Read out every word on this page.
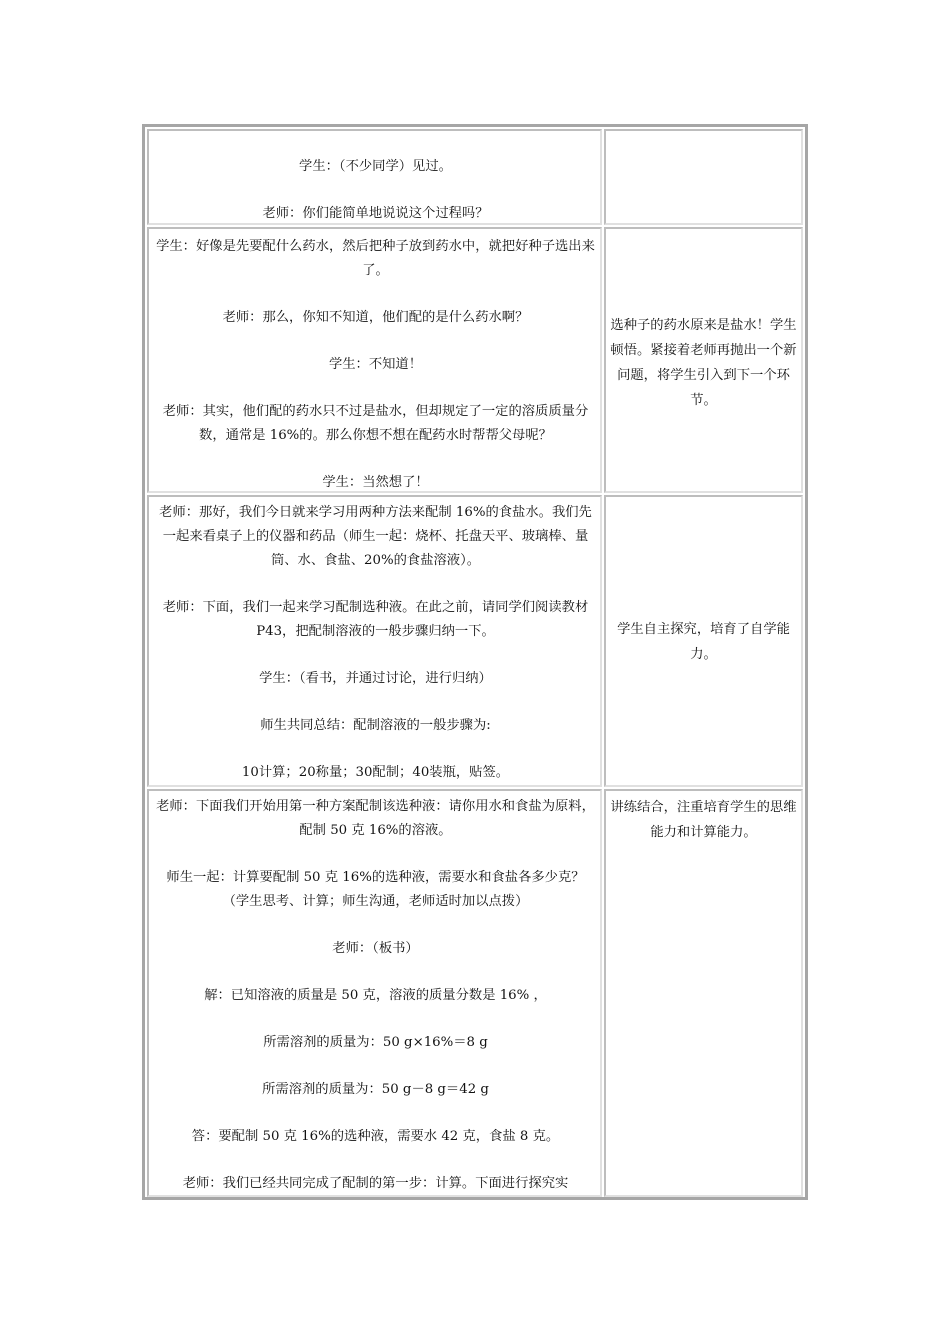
学生：（不少同学）见过。

老师：你们能简单地说说这个过程吗？

学生：好像是先要配什么药水，然后把种子放到药水中，就把好种子选出来了。

老师：那么，你知不知道，他们配的是什么药水啊？

学生：不知道！

老师：其实，他们配的药水只不过是盐水，但却规定了一定的溶质质量分数，通常是 16%的。那么你想不想在配药水时帮帮父母呢？

学生：当然想了！

选种子的药水原来是盐水！学生顿悟。紧接着老师再抛出一个新问题，将学生引入到下一个环节。

老师：那好，我们今日就来学习用两种方法来配制 16%的食盐水。我们先一起来看桌子上的仪器和药品（师生一起：烧杯、托盘天平、玻璃棒、量筒、水、食盐、20%的食盐溶液）。

老师：下面，我们一起来学习配制选种液。在此之前，请同学们阅读教材 P43，把配制溶液的一般步骤归纳一下。

学生：（看书，并通过讨论，进行归纳）

师生共同总结：配制溶液的一般步骤为:

10计算；20称量；30配制；40装瓶，贴签。

学生自主探究，培育了自学能力。

老师：下面我们开始用第一种方案配制该选种液：请你用水和食盐为原料，配制 50 克 16%的溶液。

师生一起：计算要配制 50 克 16%的选种液，需要水和食盐各多少克？（学生思考、计算；师生沟通，老师适时加以点拨）

老师：（板书）

解：已知溶液的质量是 50 克，溶液的质量分数是 16% ，

所需溶剂的质量为：50 g×16%＝8 g

所需溶剂的质量为：50 g－8 g＝42 g

答：要配制 50 克 16%的选种液，需要水 42 克，食盐 8 克。

老师：我们已经共同完成了配制的第一步：计算。下面进行探究实

讲练结合，注重培育学生的思维能力和计算能力。
